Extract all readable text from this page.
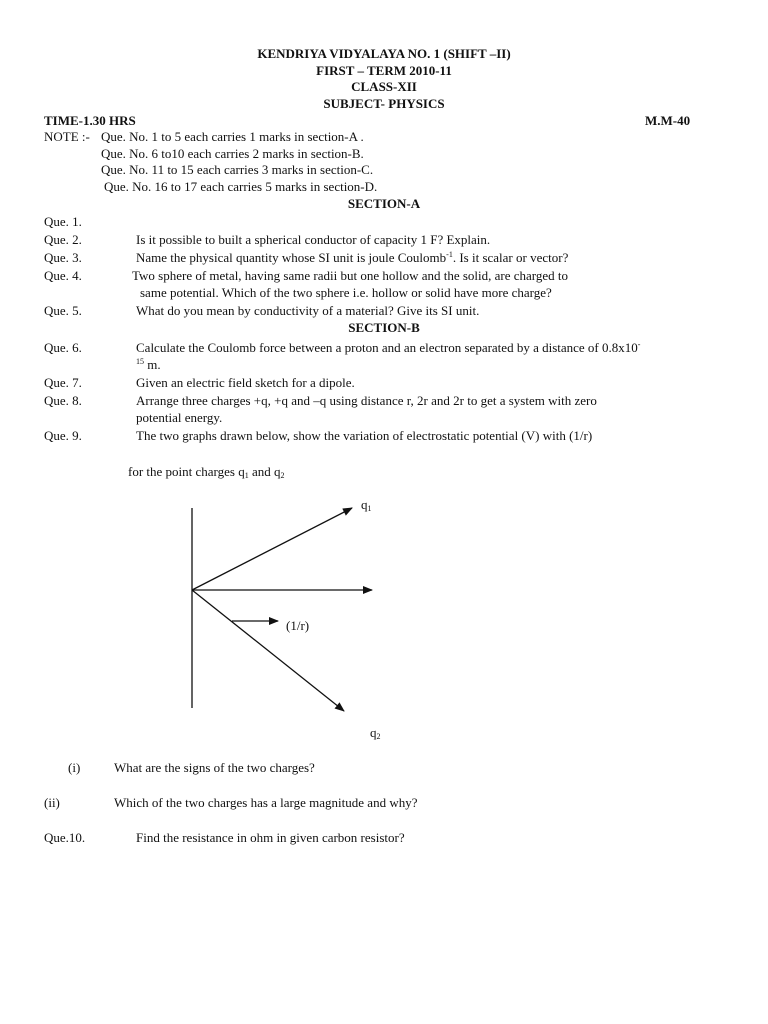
KENDRIYA VIDYALAYA NO. 1 (SHIFT –II)
FIRST – TERM 2010-11
CLASS-XII
SUBJECT- PHYSICS
TIME-1.30 HRS	M.M-40
NOTE :- Que. No. 1 to 5 each carries 1 marks in section-A .
Que. No. 6 to10 each carries 2 marks in section-B.
Que. No. 11 to 15 each carries 3 marks in section-C.
Que. No. 16 to 17 each carries 5 marks in section-D.
SECTION-A
Que. 1.
Que. 2.	Is it possible to built a spherical conductor of capacity 1 F? Explain.
Que. 3.	Name the physical quantity whose SI unit is joule Coulomb$^{-1}$. Is it scalar or vector?
Que. 4.	Two sphere of metal, having same radii but one hollow and the solid, are charged to
same potential. Which of the two sphere i.e. hollow or solid have more charge?
Que. 5.	What do you mean by conductivity of a material? Give its SI unit.
SECTION-B
Que. 6.	Calculate the Coulomb force between a proton and an electron separated by a distance of 0.8x10-
$^{15}$ m.
Que. 7.	Given an electric field sketch for a dipole.
Que. 8.	Arrange three charges +q, +q and –q using distance r, 2r and 2r to get a system with zero
potential energy.
Que. 9.	The two graphs drawn below, show the variation of electrostatic potential (V) with (1/r)
for the point charges $q_1$ and $q_2$
$q_1$
(1/r)
$q_2$
(i)	What are the signs of the two charges?
(ii)	Which of the two charges has a large magnitude and why?
Que.10.	Find the resistance in ohm in given carbon resistor?
